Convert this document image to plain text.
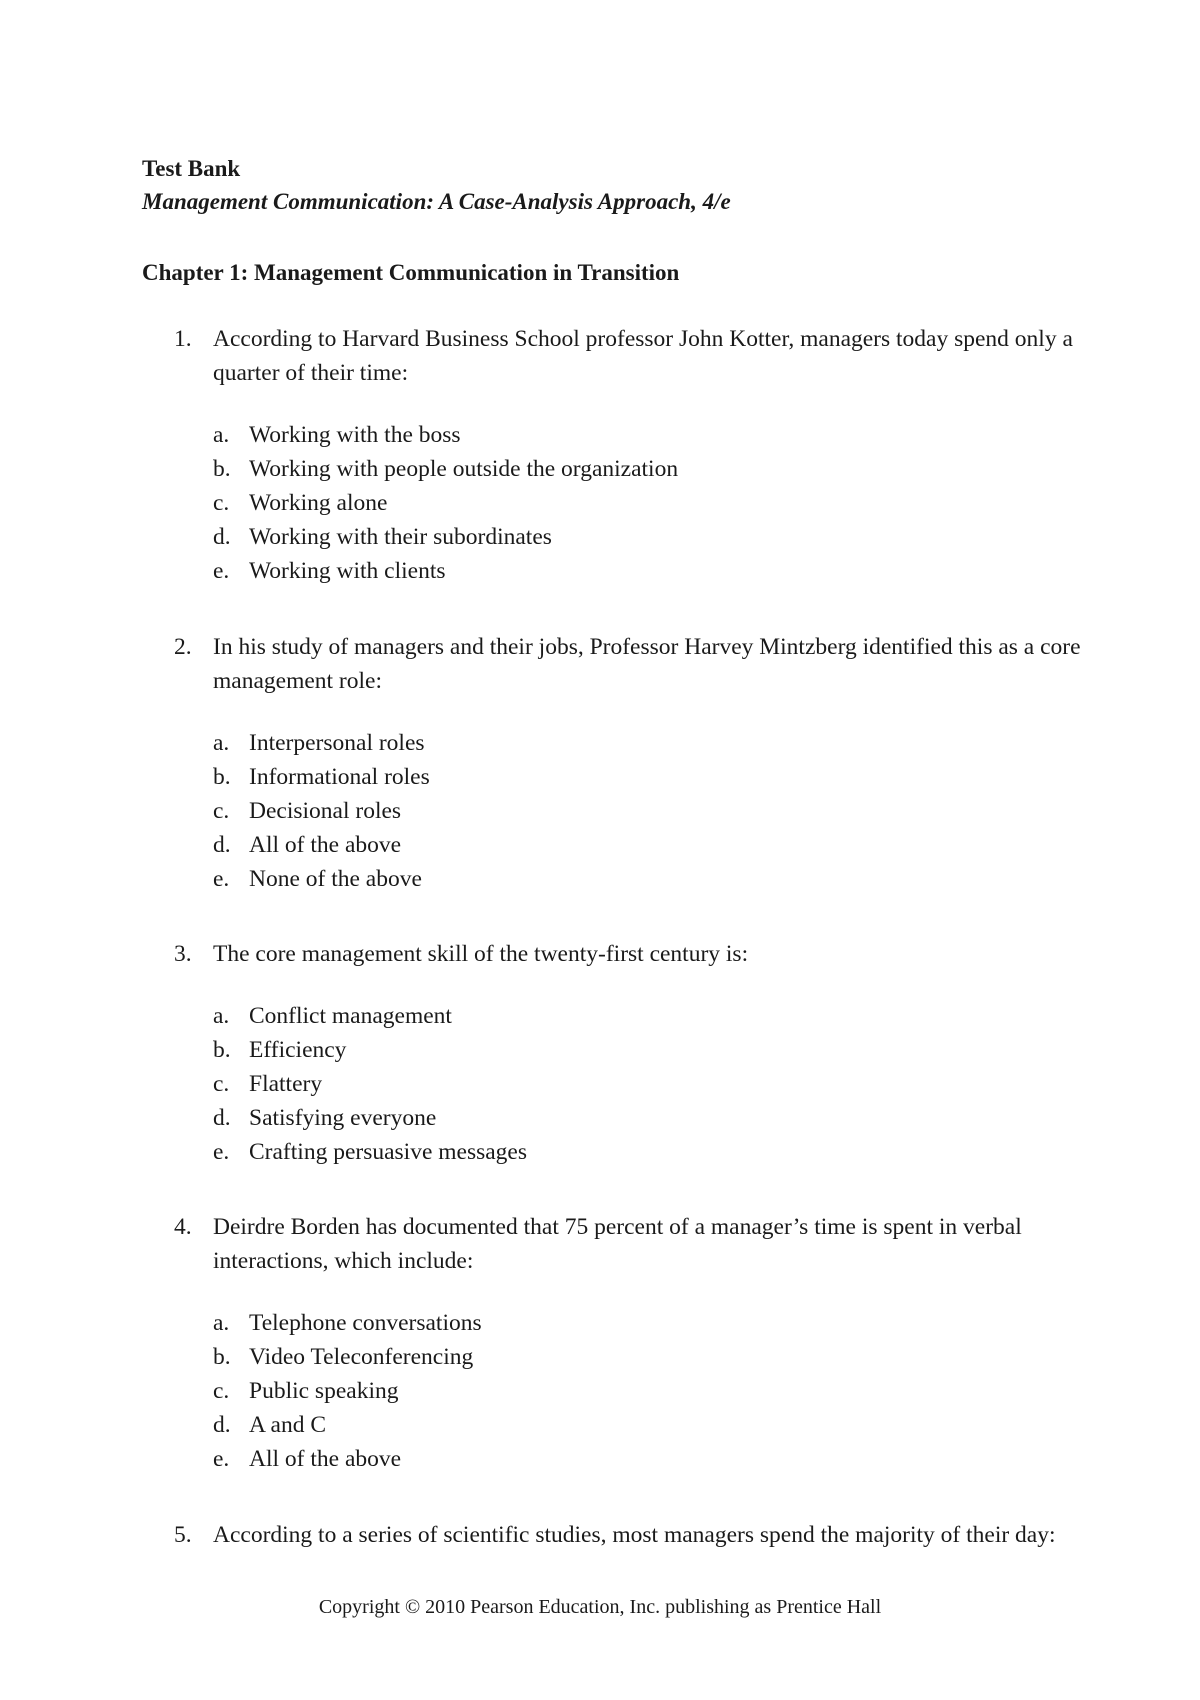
Test Bank
Management Communication: A Case-Analysis Approach, 4/e
Chapter 1: Management Communication in Transition
1. According to Harvard Business School professor John Kotter, managers today spend only a quarter of their time:
a. Working with the boss
b. Working with people outside the organization
c. Working alone
d. Working with their subordinates
e. Working with clients
2. In his study of managers and their jobs, Professor Harvey Mintzberg identified this as a core management role:
a. Interpersonal roles
b. Informational roles
c. Decisional roles
d. All of the above
e. None of the above
3. The core management skill of the twenty-first century is:
a. Conflict management
b. Efficiency
c. Flattery
d. Satisfying everyone
e. Crafting persuasive messages
4. Deirdre Borden has documented that 75 percent of a manager’s time is spent in verbal interactions, which include:
a. Telephone conversations
b. Video Teleconferencing
c. Public speaking
d. A and C
e. All of the above
5. According to a series of scientific studies, most managers spend the majority of their day:
Copyright © 2010 Pearson Education, Inc. publishing as Prentice Hall
